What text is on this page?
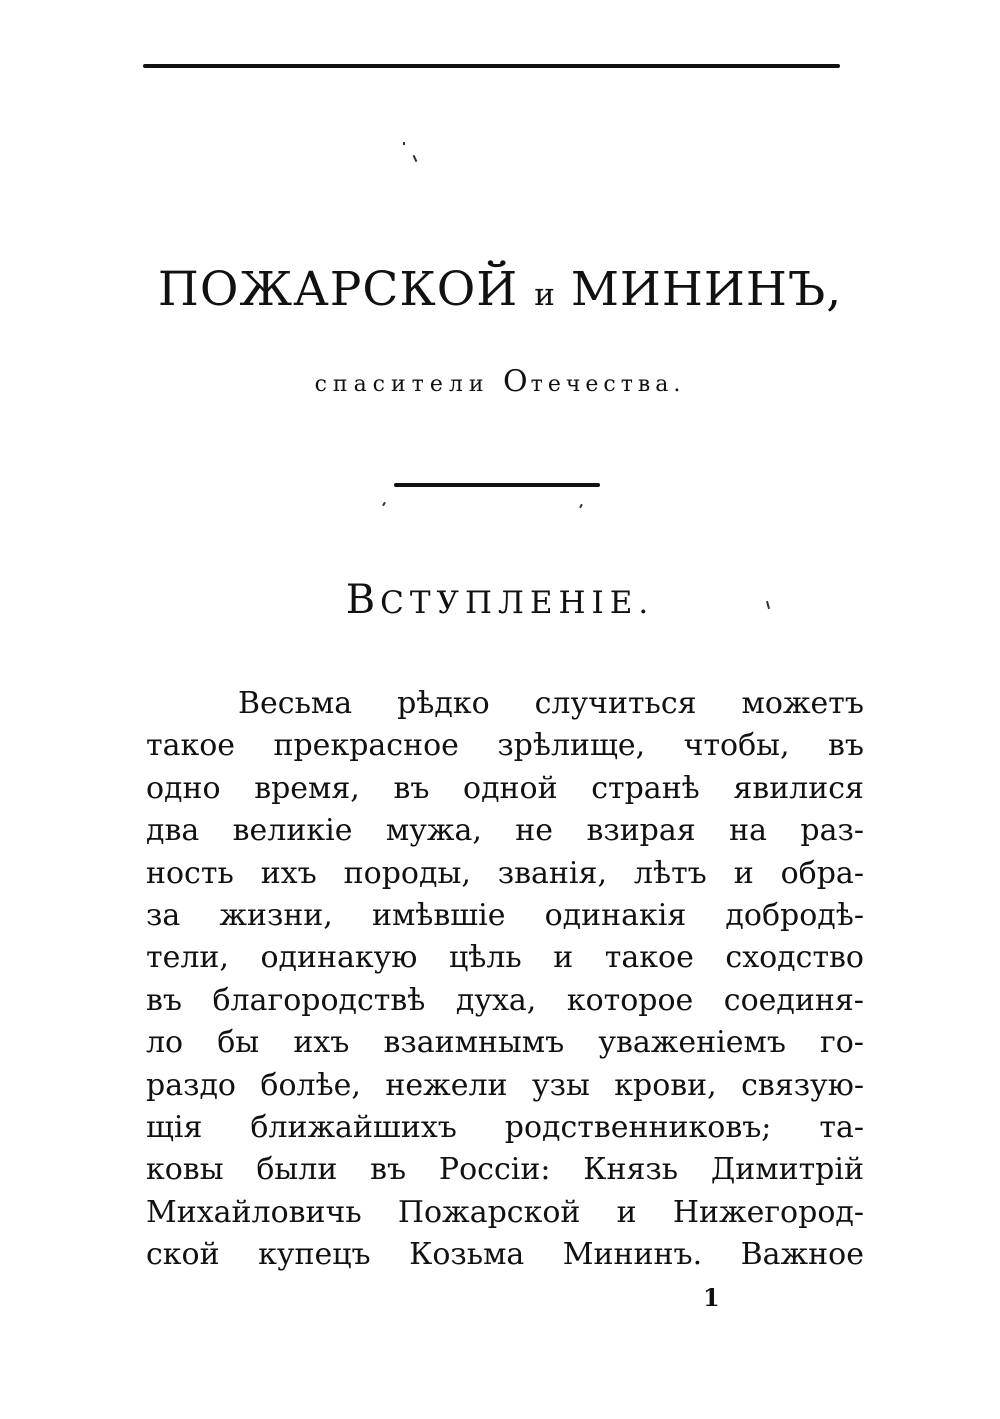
ПОЖАРСКОЙ и МИНИНЪ,
спасители Отечества.
ВСТУПЛЕНIЕ.
Весьма рѣдко случиться можетъ
такое прекрасное зрѣлище, чтобы, въ
одно время, въ одной странѣ явилися
два великiе мужа, не взирая на раз-
ность ихъ породы, званiя, лѣтъ и обра-
за жизни, имѣвшiе одинакiя добродѣ-
тели, одинакую цѣль и такое сходство
въ благородствѣ духа, которое соединя-
ло бы ихъ взаимнымъ уваженiемъ го-
раздо болѣе, нежели узы крови, связую-
щiя ближайшихъ родственниковъ; та-
ковы были въ Россiи: Князь Димитрiй
Михайловичь Пожарской и Нижегород-
ской купецъ Козьма Мининъ. Важное
1
